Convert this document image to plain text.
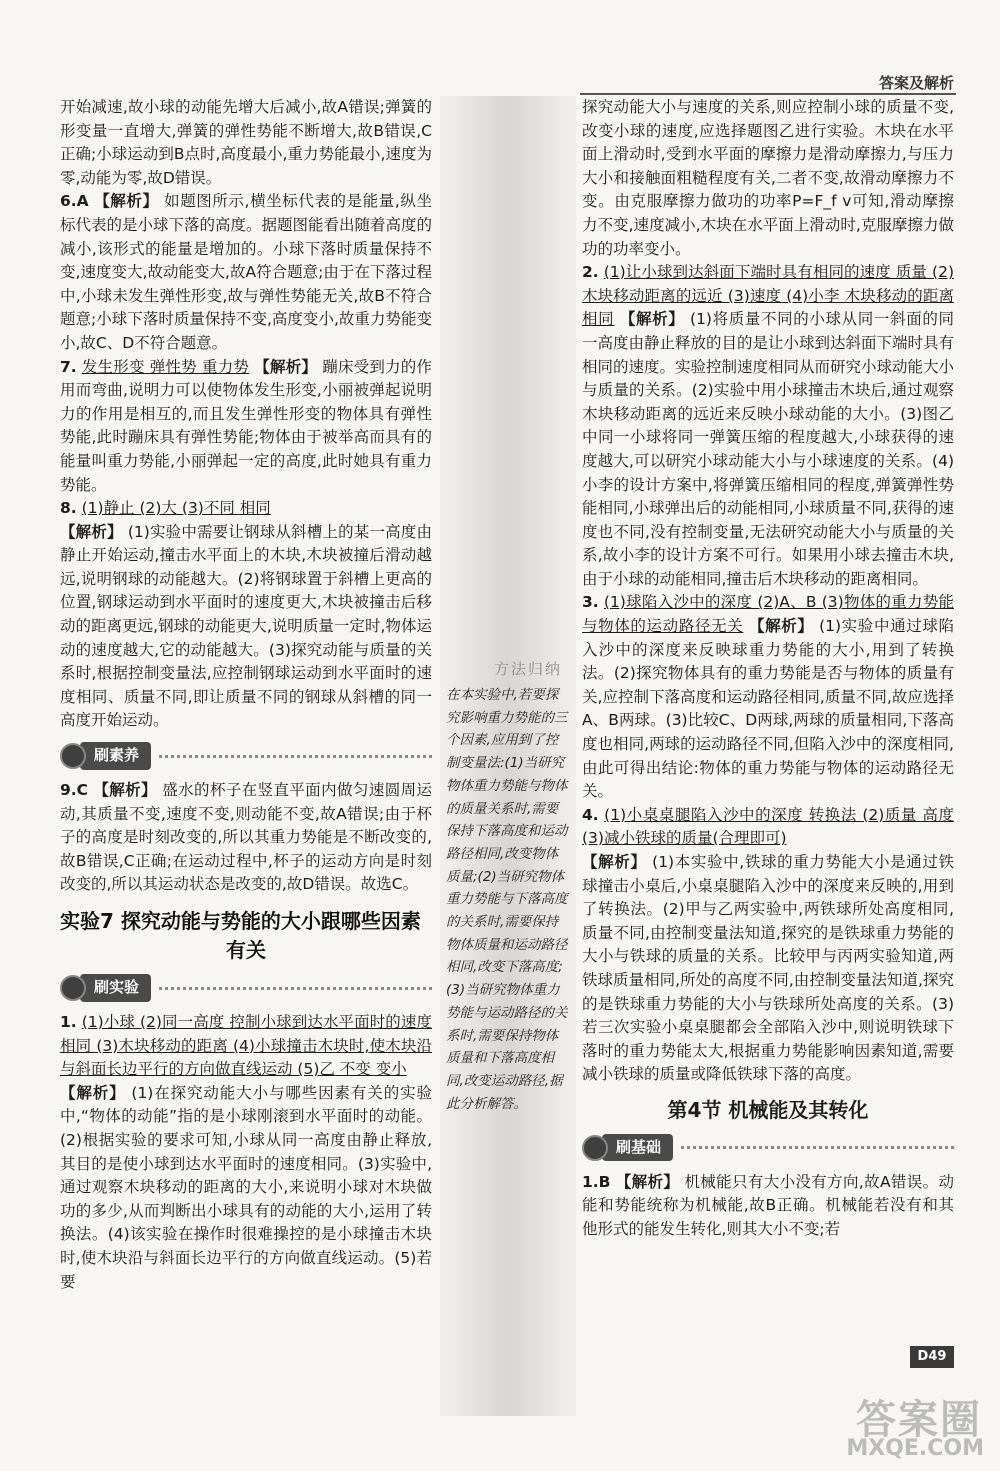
答案及解析
方法归纳
在本实验中,若要探究影响重力势能的三个因素,应用到了控制变量法:(1)当研究物体重力势能与物体的质量关系时,需要保持下落高度和运动路径相同,改变物体质量;(2)当研究物体重力势能与下落高度的关系时,需要保持物体质量和运动路径相同,改变下落高度;(3)当研究物体重力势能与运动路径的关系时,需要保持物体质量和下落高度相同,改变运动路径,据此分析解答。

开始减速,故小球的动能先增大后减小,故A错误;弹簧的形变量一直增大,弹簧的弹性势能不断增大,故B错误,C正确;小球运动到B点时,高度最小,重力势能最小,速度为零,动能为零,故D错误。

6.A 【解析】 如题图所示,横坐标代表的是能量,纵坐标代表的是小球下落的高度。据题图能看出随着高度的减小,该形式的能量是增加的。小球下落时质量保持不变,速度变大,故动能变大,故A符合题意;由于在下落过程中,小球未发生弹性形变,故与弹性势能无关,故B不符合题意;小球下落时质量保持不变,高度变小,故重力势能变小,故C、D不符合题意。

7. 发生形变 弹性势 重力势 【解析】 蹦床受到力的作用而弯曲,说明力可以使物体发生形变,小丽被弹起说明力的作用是相互的,而且发生弹性形变的物体具有弹性势能,此时蹦床具有弹性势能;物体由于被举高而具有的能量叫重力势能,小丽弹起一定的高度,此时她具有重力势能。

8. (1)静止 (2)大 (3)不同 相同

【解析】 (1)实验中需要让钢球从斜槽上的某一高度由静止开始运动,撞击水平面上的木块,木块被撞后滑动越远,说明钢球的动能越大。(2)将钢球置于斜槽上更高的位置,钢球运动到水平面时的速度更大,木块被撞击后移动的距离更远,钢球的动能更大,说明质量一定时,物体运动的速度越大,它的动能越大。(3)探究动能与质量的关系时,根据控制变量法,应控制钢球运动到水平面时的速度相同、质量不同,即让质量不同的钢球从斜槽的同一高度开始运动。

刷素养

9.C 【解析】 盛水的杯子在竖直平面内做匀速圆周运动,其质量不变,速度不变,则动能不变,故A错误;由于杯子的高度是时刻改变的,所以其重力势能是不断改变的,故B错误,C正确;在运动过程中,杯子的运动方向是时刻改变的,所以其运动状态是改变的,故D错误。故选C。

实验7 探究动能与势能的大小跟哪些因素
有关
刷实验

1. (1)小球 (2)同一高度 控制小球到达水平面时的速度相同 (3)木块移动的距离 (4)小球撞击木块时,使木块沿与斜面长边平行的方向做直线运动 (5)乙 不变 变小

【解析】 (1)在探究动能大小与哪些因素有关的实验中,“物体的动能”指的是小球刚滚到水平面时的动能。(2)根据实验的要求可知,小球从同一高度由静止释放,其目的是使小球到达水平面时的速度相同。(3)实验中,通过观察木块移动的距离的大小,来说明小球对木块做功的多少,从而判断出小球具有的动能的大小,运用了转换法。(4)该实验在操作时很难操控的是小球撞击木块时,使木块沿与斜面长边平行的方向做直线运动。(5)若要

探究动能大小与速度的关系,则应控制小球的质量不变,改变小球的速度,应选择题图乙进行实验。木块在水平面上滑动时,受到水平面的摩擦力是滑动摩擦力,与压力大小和接触面粗糙程度有关,二者不变,故滑动摩擦力不变。由克服摩擦力做功的功率P=F_f v可知,滑动摩擦力不变,速度减小,木块在水平面上滑动时,克服摩擦力做功的功率变小。

2. (1)让小球到达斜面下端时具有相同的速度 质量 (2)木块移动距离的远近 (3)速度 (4)小李 木块移动的距离相同 【解析】 (1)将质量不同的小球从同一斜面的同一高度由静止释放的目的是让小球到达斜面下端时具有相同的速度。实验控制速度相同从而研究小球动能大小与质量的关系。(2)实验中用小球撞击木块后,通过观察木块移动距离的远近来反映小球动能的大小。(3)图乙中同一小球将同一弹簧压缩的程度越大,小球获得的速度越大,可以研究小球动能大小与小球速度的关系。(4)小李的设计方案中,将弹簧压缩相同的程度,弹簧弹性势能相同,小球弹出后的动能相同,小球质量不同,获得的速度也不同,没有控制变量,无法研究动能大小与质量的关系,故小李的设计方案不可行。如果用小球去撞击木块,由于小球的动能相同,撞击后木块移动的距离相同。

3. (1)球陷入沙中的深度 (2)A、B (3)物体的重力势能与物体的运动路径无关 【解析】 (1)实验中通过球陷入沙中的深度来反映球重力势能的大小,用到了转换法。(2)探究物体具有的重力势能是否与物体的质量有关,应控制下落高度和运动路径相同,质量不同,故应选择A、B两球。(3)比较C、D两球,两球的质量相同,下落高度也相同,两球的运动路径不同,但陷入沙中的深度相同,由此可得出结论:物体的重力势能与物体的运动路径无关。

4. (1)小桌桌腿陷入沙中的深度 转换法 (2)质量 高度 (3)减小铁球的质量(合理即可)

【解析】 (1)本实验中,铁球的重力势能大小是通过铁球撞击小桌后,小桌桌腿陷入沙中的深度来反映的,用到了转换法。(2)甲与乙两实验中,两铁球所处高度相同,质量不同,由控制变量法知道,探究的是铁球重力势能的大小与铁球的质量的关系。比较甲与丙两实验知道,两铁球质量相同,所处的高度不同,由控制变量法知道,探究的是铁球重力势能的大小与铁球所处高度的关系。(3)若三次实验小桌桌腿都会全部陷入沙中,则说明铁球下落时的重力势能太大,根据重力势能影响因素知道,需要减小铁球的质量或降低铁球下落的高度。

第4节 机械能及其转化
刷基础

1.B 【解析】 机械能只有大小没有方向,故A错误。动能和势能统称为机械能,故B正确。机械能若没有和其他形式的能发生转化,则其大小不变;若

D49
答案圈
MXQE.COM
